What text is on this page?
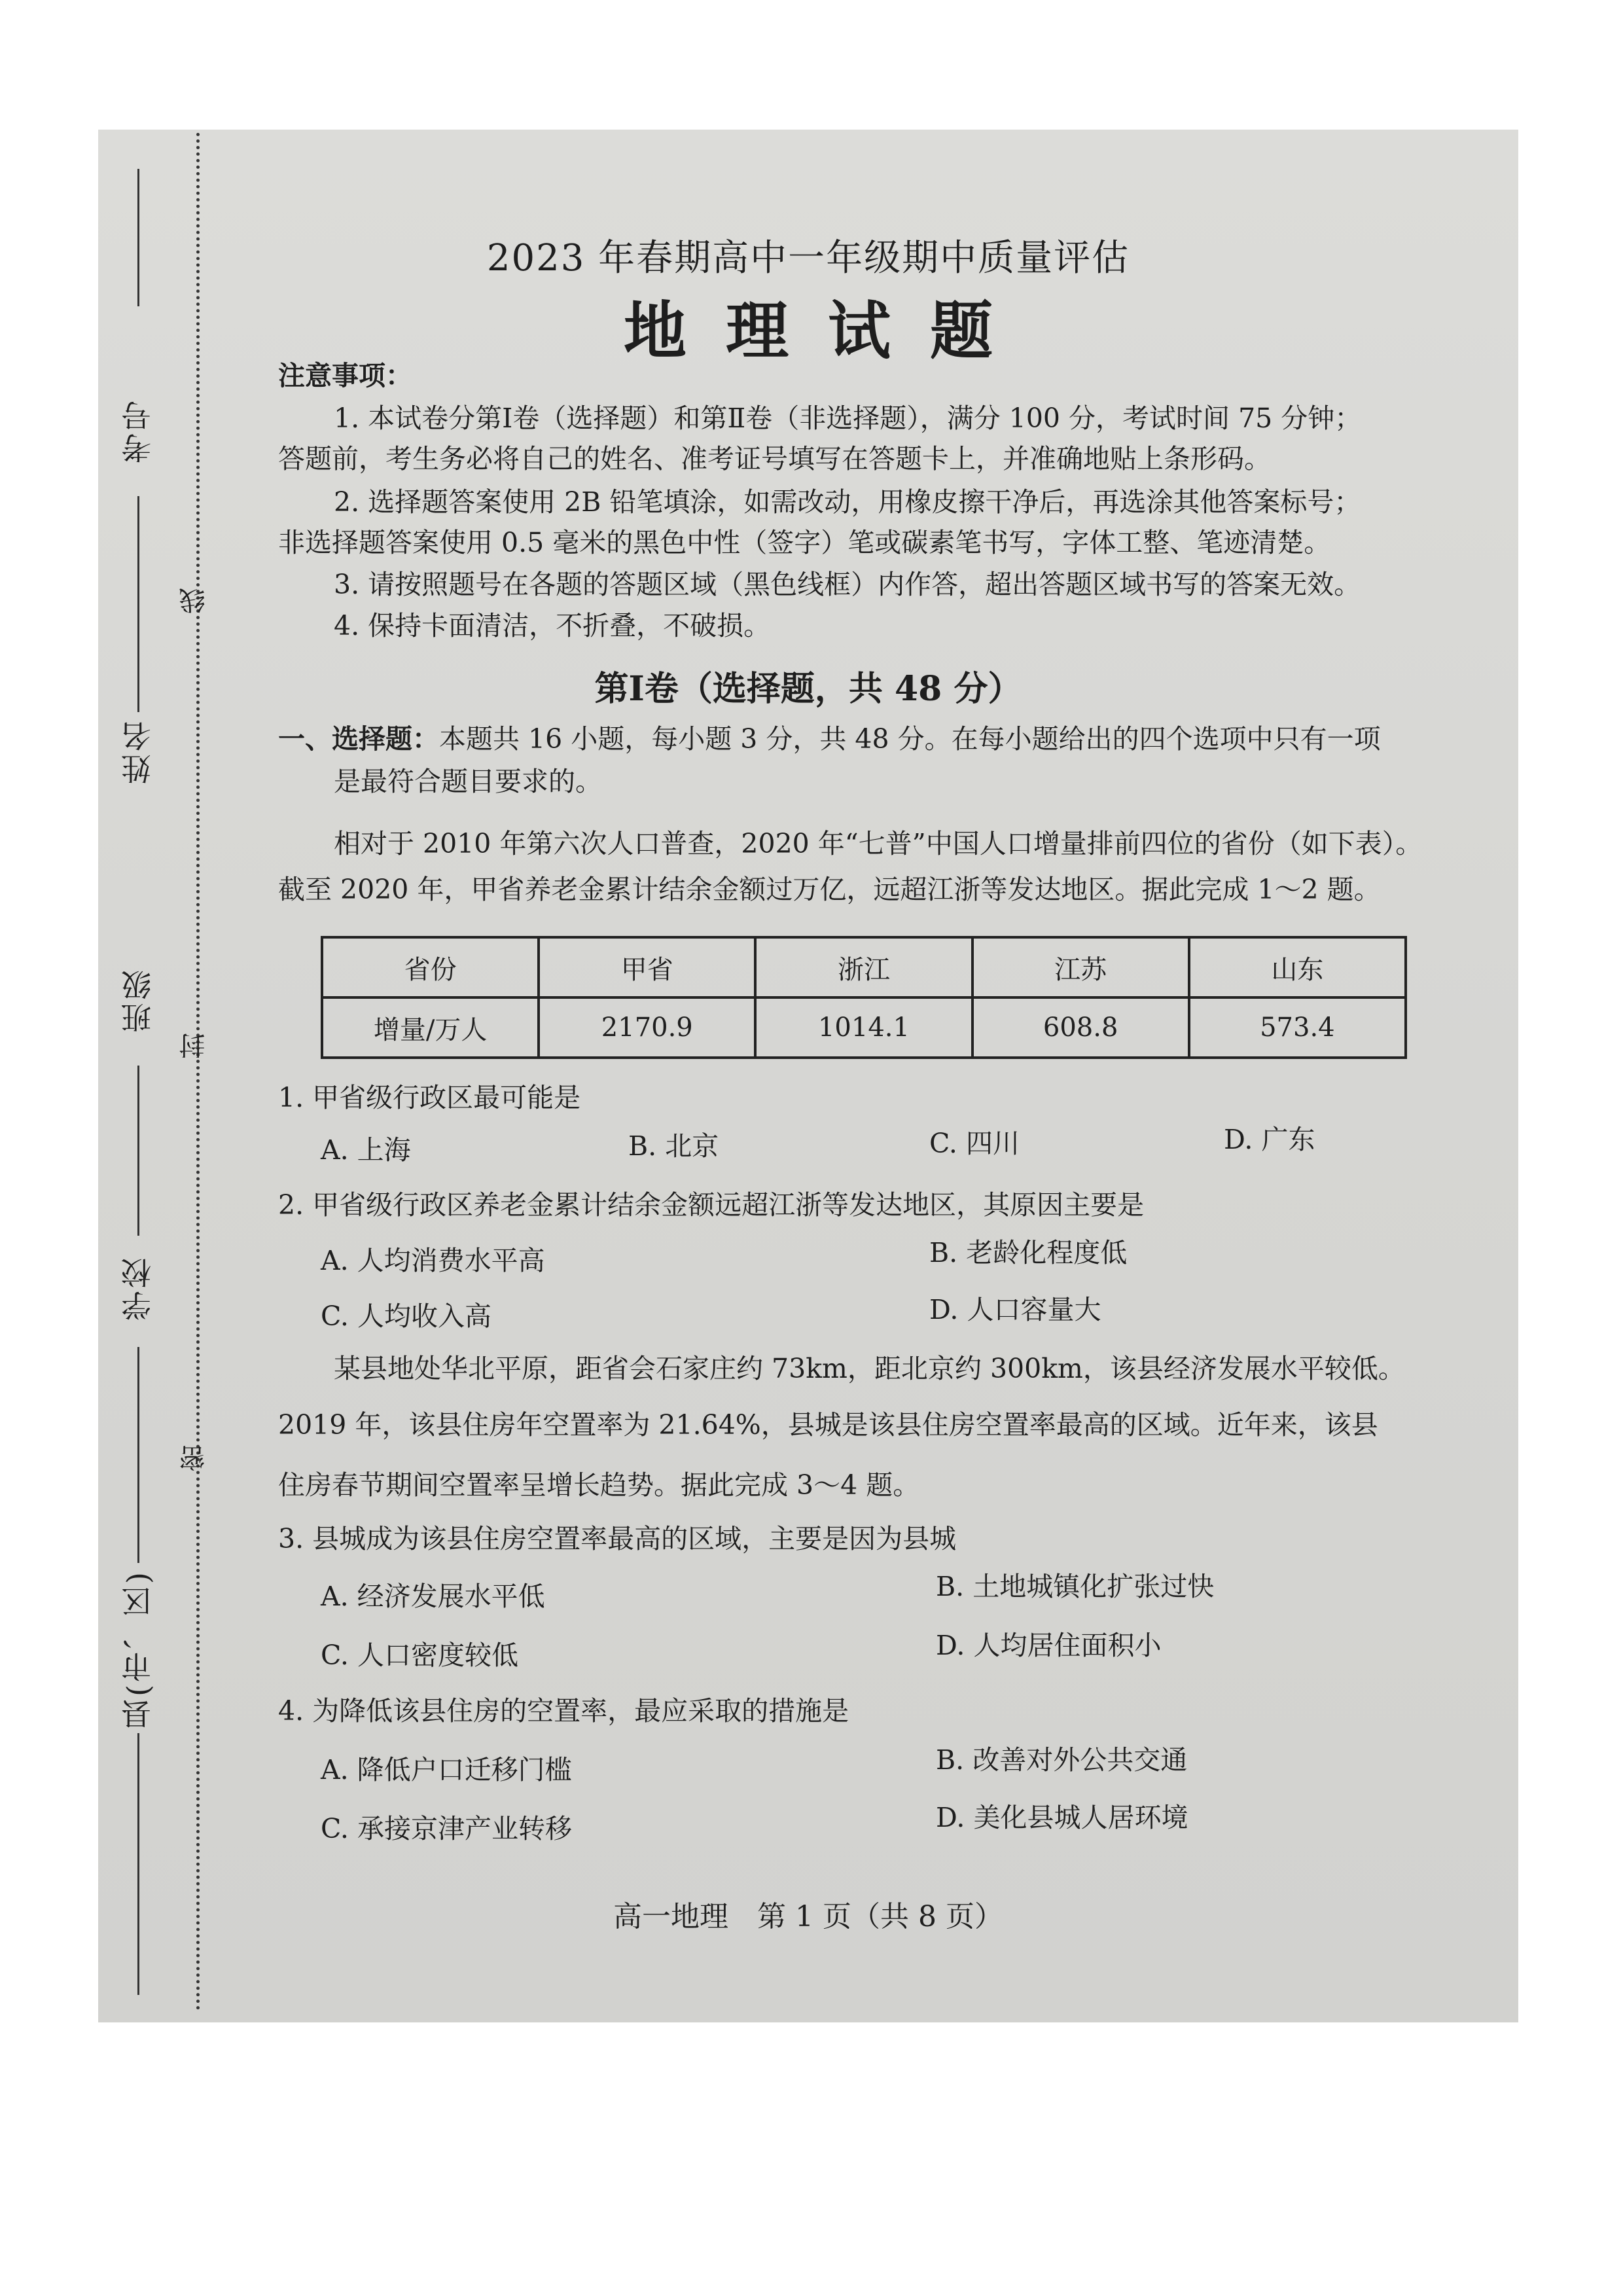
考号
姓名
班级
学校
县(市、区)
线
封
密
2023 年春期高中一年级期中质量评估
地理试题
注意事项：
1. 本试卷分第Ⅰ卷（选择题）和第Ⅱ卷（非选择题），满分 100 分，考试时间 75 分钟；
答题前，考生务必将自己的姓名、准考证号填写在答题卡上，并准确地贴上条形码。
2. 选择题答案使用 2B 铅笔填涂，如需改动，用橡皮擦干净后，再选涂其他答案标号；
非选择题答案使用 0.5 毫米的黑色中性（签字）笔或碳素笔书写，字体工整、笔迹清楚。
3. 请按照题号在各题的答题区域（黑色线框）内作答，超出答题区域书写的答案无效。
4. 保持卡面清洁，不折叠，不破损。
第Ⅰ卷（选择题，共 48 分）
一、选择题：本题共 16 小题，每小题 3 分，共 48 分。在每小题给出的四个选项中只有一项
是最符合题目要求的。
相对于 2010 年第六次人口普查，2020 年“七普”中国人口增量排前四位的省份（如下表）。
截至 2020 年，甲省养老金累计结余金额过万亿，远超江浙等发达地区。据此完成 1～2 题。
省份	甲省	浙江	江苏	山东
增量/万人	2170.9	1014.1	608.8	573.4
1. 甲省级行政区最可能是
A. 上海	B. 北京	C. 四川	D. 广东
2. 甲省级行政区养老金累计结余金额远超江浙等发达地区，其原因主要是
A. 人均消费水平高	B. 老龄化程度低
C. 人均收入高	D. 人口容量大
某县地处华北平原，距省会石家庄约 73km，距北京约 300km，该县经济发展水平较低。
2019 年，该县住房年空置率为 21.64%，县城是该县住房空置率最高的区域。近年来，该县
住房春节期间空置率呈增长趋势。据此完成 3～4 题。
3. 县城成为该县住房空置率最高的区域，主要是因为县城
A. 经济发展水平低	B. 土地城镇化扩张过快
C. 人口密度较低	D. 人均居住面积小
4. 为降低该县住房的空置率，最应采取的措施是
A. 降低户口迁移门槛	B. 改善对外公共交通
C. 承接京津产业转移	D. 美化县城人居环境
高一地理　第 1 页（共 8 页）
